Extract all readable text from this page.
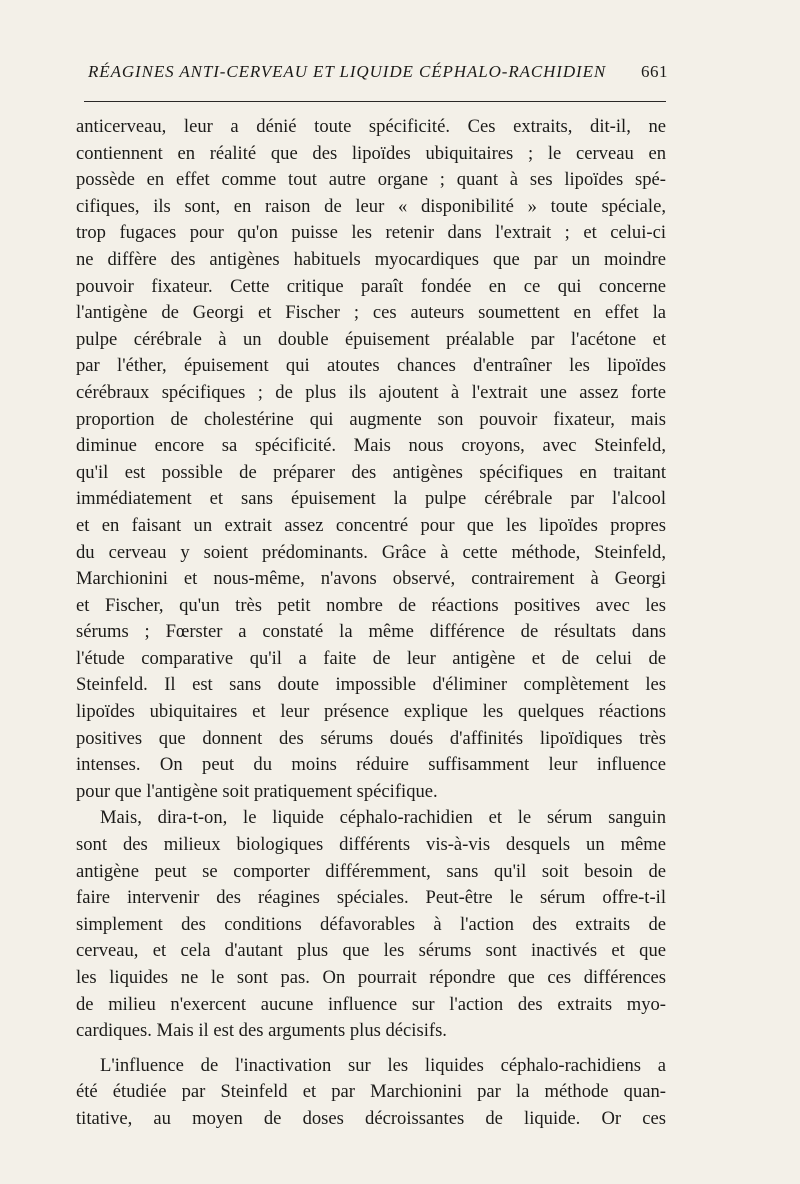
RÉAGINES ANTI-CERVEAU ET LIQUIDE CÉPHALO-RACHIDIEN 661
anticerveau, leur a dénié toute spécificité. Ces extraits, dit-il, ne
contiennent en réalité que des lipoïdes ubiquitaires ; le cerveau en
possède en effet comme tout autre organe ; quant à ses lipoïdes spé-
cifiques, ils sont, en raison de leur « disponibilité » toute spéciale,
trop fugaces pour qu'on puisse les retenir dans l'extrait ; et celui-ci
ne diffère des antigènes habituels myocardiques que par un moindre
pouvoir fixateur. Cette critique paraît fondée en ce qui concerne
l'antigène de Georgi et Fischer ; ces auteurs soumettent en effet la
pulpe cérébrale à un double épuisement préalable par l'acétone et
par l'éther, épuisement qui atoutes chances d'entraîner les lipoïdes
cérébraux spécifiques ; de plus ils ajoutent à l'extrait une assez forte
proportion de cholestérine qui augmente son pouvoir fixateur, mais
diminue encore sa spécificité. Mais nous croyons, avec Steinfeld,
qu'il est possible de préparer des antigènes spécifiques en traitant
immédiatement et sans épuisement la pulpe cérébrale par l'alcool
et en faisant un extrait assez concentré pour que les lipoïdes propres
du cerveau y soient prédominants. Grâce à cette méthode, Steinfeld,
Marchionini et nous-même, n'avons observé, contrairement à Georgi
et Fischer, qu'un très petit nombre de réactions positives avec les
sérums ; Fœrster a constaté la même différence de résultats dans
l'étude comparative qu'il a faite de leur antigène et de celui de
Steinfeld. Il est sans doute impossible d'éliminer complètement les
lipoïdes ubiquitaires et leur présence explique les quelques réactions
positives que donnent des sérums doués d'affinités lipoïdiques très
intenses. On peut du moins réduire suffisamment leur influence
pour que l'antigène soit pratiquement spécifique.
Mais, dira-t-on, le liquide céphalo-rachidien et le sérum sanguin
sont des milieux biologiques différents vis-à-vis desquels un même
antigène peut se comporter différemment, sans qu'il soit besoin de
faire intervenir des réagines spéciales. Peut-être le sérum offre-t-il
simplement des conditions défavorables à l'action des extraits de
cerveau, et cela d'autant plus que les sérums sont inactivés et que
les liquides ne le sont pas. On pourrait répondre que ces différences
de milieu n'exercent aucune influence sur l'action des extraits myo-
cardiques. Mais il est des arguments plus décisifs.
L'influence de l'inactivation sur les liquides céphalo-rachidiens a
été étudiée par Steinfeld et par Marchionini par la méthode quan-
titative, au moyen de doses décroissantes de liquide. Or ces
